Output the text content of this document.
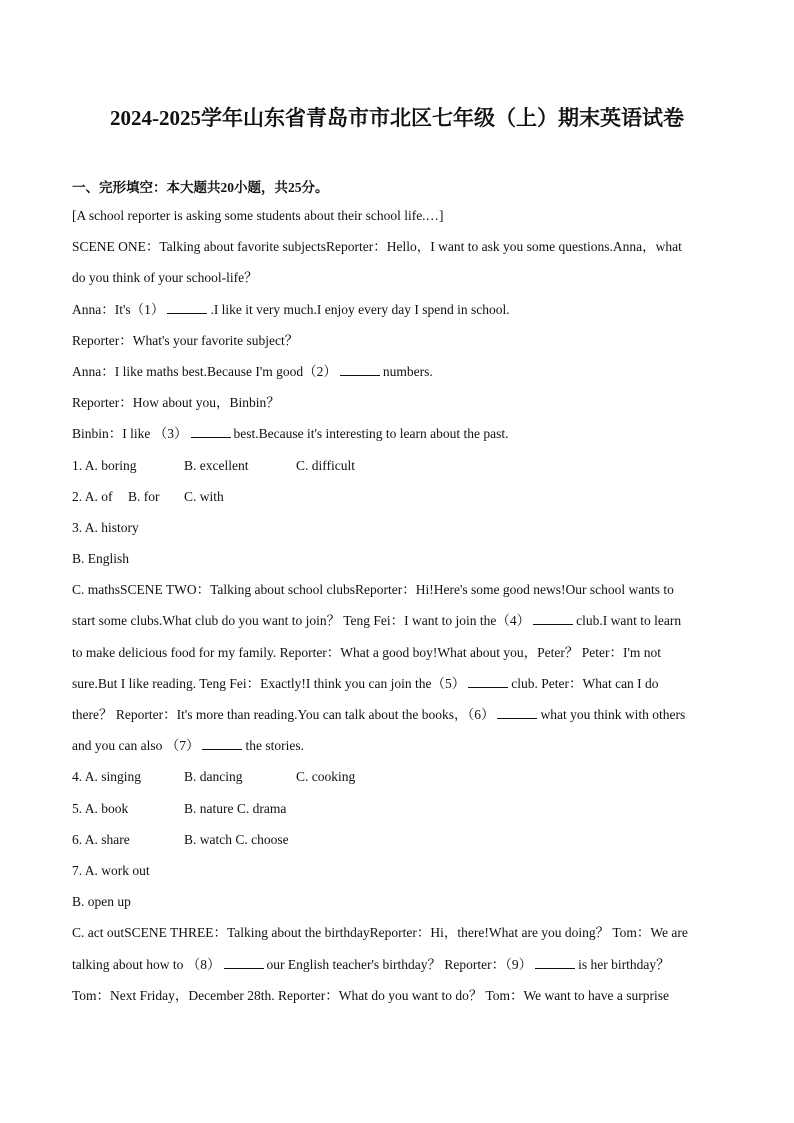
2024-2025学年山东省青岛市市北区七年级（上）期末英语试卷
一、完形填空：本大题共20小题，共25分。
[A school reporter is asking some students about their school life.…]
SCENE ONE：Talking about favorite subjectsReporter：Hello，I want to ask you some questions.Anna，what
do you think of your school-life？
Anna：It's（1）	.I like it very much.I enjoy every day I spend in school.
Reporter：What's your favorite subject？
Anna：I like maths best.Because I'm good（2）	numbers.
Reporter：How about you，Binbin？
Binbin：I like （3）	best.Because it's interesting to learn about the past.
1. A. boring	B. excellent	C. difficult
2. A. of B. for C. with
3. A. history
B. English
C. mathsSCENE TWO：Talking about school clubsReporter：Hi!Here's some good news!Our school wants to
start some clubs.What club do you want to join？ Teng Fei：I want to join the（4）	club.I want to learn
to make delicious food for my family. Reporter：What a good boy!What about you，Peter？ Peter：I'm not
sure.But I like reading. Teng Fei：Exactly!I think you can join the（5）	club. Peter：What can I do
there？ Reporter：It's more than reading.You can talk about the books，（6）	what you think with others
and you can also （7）	the stories.
4. A. singing	B. dancing	C. cooking
5. A. book	B. nature C. drama
6. A. share	B. watch C. choose
7. A. work out
B. open up
C. act outSCENE THREE：Talking about the birthdayReporter：Hi，there!What are you doing？ Tom：We are
talking about how to （8）	our English teacher's birthday？ Reporter：（9）	is her birthday？
Tom：Next Friday，December 28th. Reporter：What do you want to do？ Tom：We want to have a surprise
